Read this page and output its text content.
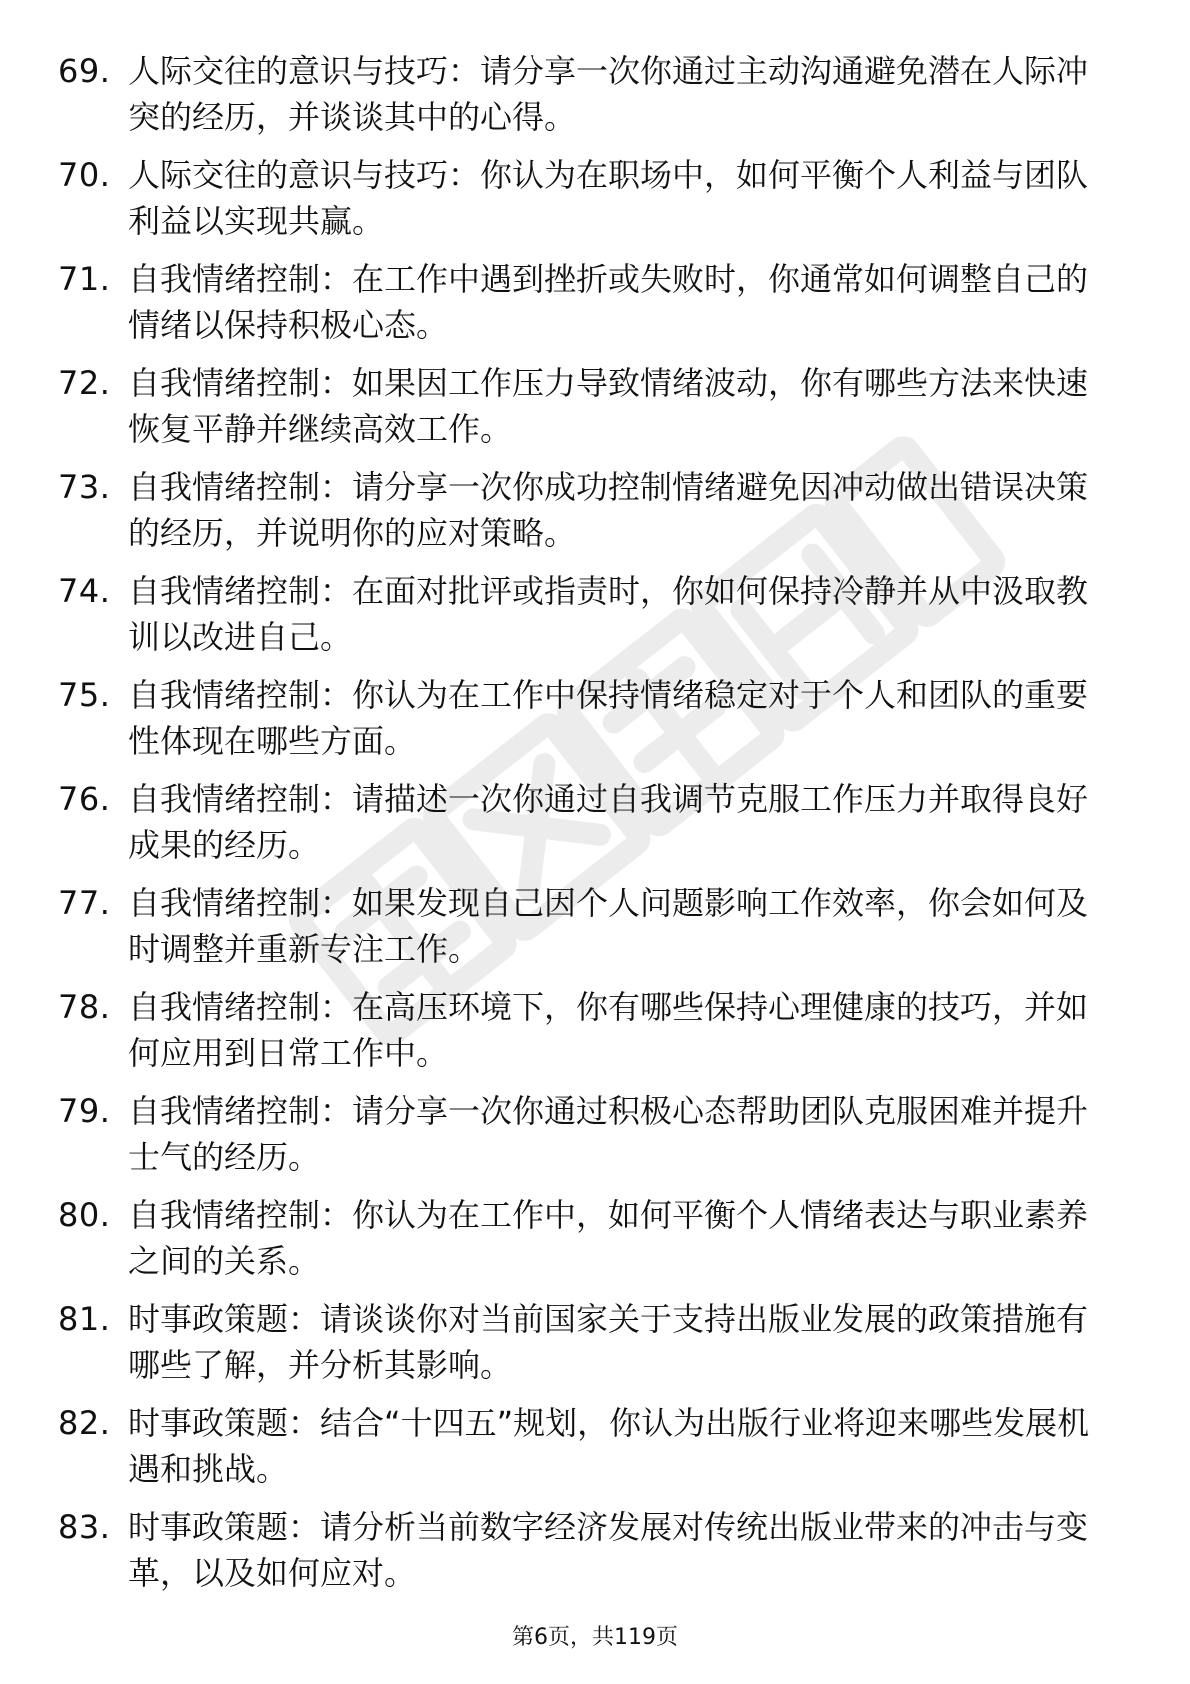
69. 人际交往的意识与技巧：请分享一次你通过主动沟通避免潜在人际冲突的经历，并谈谈其中的心得。
70. 人际交往的意识与技巧：你认为在职场中，如何平衡个人利益与团队利益以实现共赢。
71. 自我情绪控制：在工作中遇到挫折或失败时，你通常如何调整自己的情绪以保持积极心态。
72. 自我情绪控制：如果因工作压力导致情绪波动，你有哪些方法来快速恢复平静并继续高效工作。
73. 自我情绪控制：请分享一次你成功控制情绪避免因冲动做出错误决策的经历，并说明你的应对策略。
74. 自我情绪控制：在面对批评或指责时，你如何保持冷静并从中汲取教训以改进自己。
75. 自我情绪控制：你认为在工作中保持情绪稳定对于个人和团队的重要性体现在哪些方面。
76. 自我情绪控制：请描述一次你通过自我调节克服工作压力并取得良好成果的经历。
77. 自我情绪控制：如果发现自己因个人问题影响工作效率，你会如何及时调整并重新专注工作。
78. 自我情绪控制：在高压环境下，你有哪些保持心理健康的技巧，并如何应用到日常工作中。
79. 自我情绪控制：请分享一次你通过积极心态帮助团队克服困难并提升士气的经历。
80. 自我情绪控制：你认为在工作中，如何平衡个人情绪表达与职业素养之间的关系。
81. 时事政策题：请谈谈你对当前国家关于支持出版业发展的政策措施有哪些了解，并分析其影响。
82. 时事政策题：结合“十四五”规划，你认为出版行业将迎来哪些发展机遇和挑战。
83. 时事政策题：请分析当前数字经济发展对传统出版业带来的冲击与变革，以及如何应对。
第6页，共119页
